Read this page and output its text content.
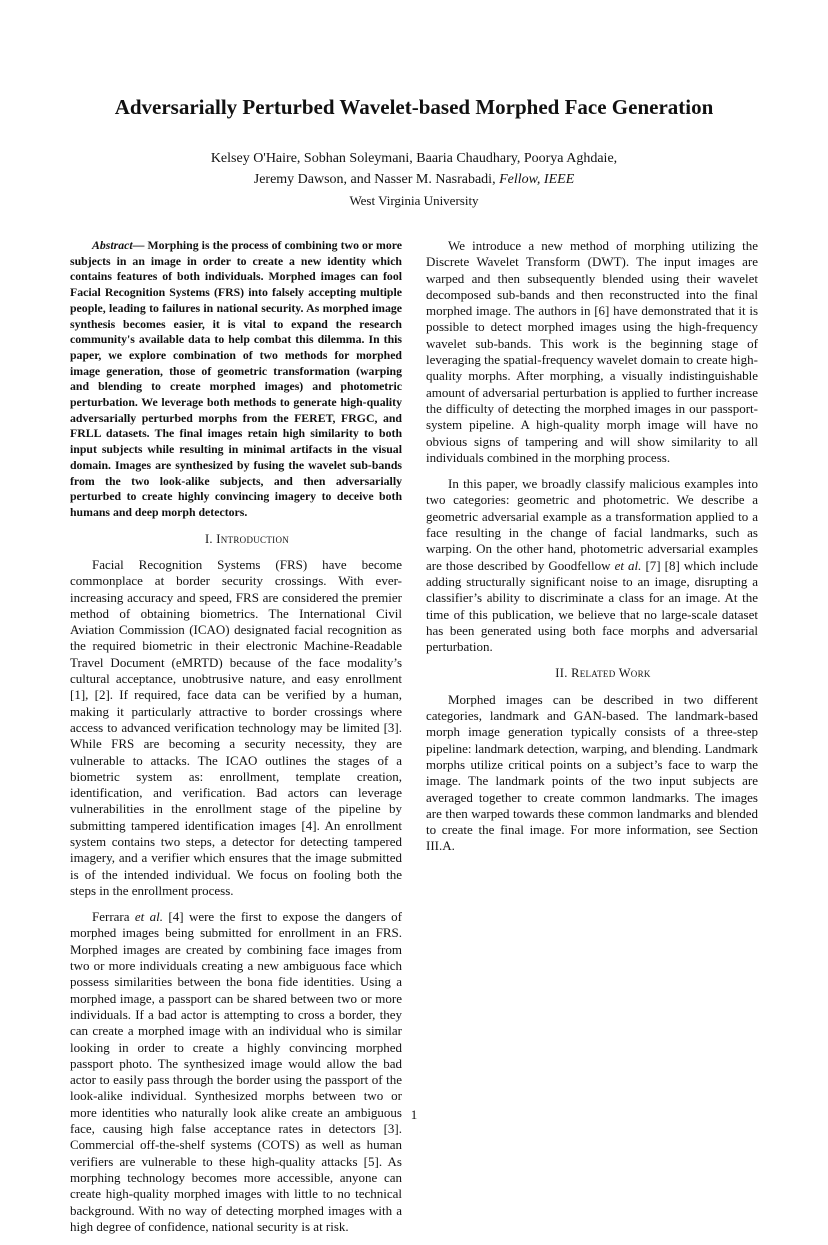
Adversarially Perturbed Wavelet-based Morphed Face Generation
Kelsey O'Haire, Sobhan Soleymani, Baaria Chaudhary, Poorya Aghdaie,
Jeremy Dawson, and Nasser M. Nasrabadi, Fellow, IEEE
West Virginia University

Abstract— Morphing is the process of combining two or more subjects in an image in order to create a new identity which contains features of both individuals. Morphed images can fool Facial Recognition Systems (FRS) into falsely accepting multiple people, leading to failures in national security. As morphed image synthesis becomes easier, it is vital to expand the research community's available data to help combat this dilemma. In this paper, we explore combination of two methods for morphed image generation, those of geometric transformation (warping and blending to create morphed images) and photometric perturbation. We leverage both methods to generate high-quality adversarially perturbed morphs from the FERET, FRGC, and FRLL datasets. The final images retain high similarity to both input subjects while resulting in minimal artifacts in the visual domain. Images are synthesized by fusing the wavelet sub-bands from the two look-alike subjects, and then adversarially perturbed to create highly convincing imagery to deceive both humans and deep morph detectors.

I. Introduction

Facial Recognition Systems (FRS) have become commonplace at border security crossings. With ever-increasing accuracy and speed, FRS are considered the premier method of obtaining biometrics. The International Civil Aviation Commission (ICAO) designated facial recognition as the required biometric in their electronic Machine-Readable Travel Document (eMRTD) because of the face modality’s cultural acceptance, unobtrusive nature, and easy enrollment [1], [2]. If required, face data can be verified by a human, making it particularly attractive to border crossings where access to advanced verification technology may be limited [3]. While FRS are becoming a security necessity, they are vulnerable to attacks. The ICAO outlines the stages of a biometric system as: enrollment, template creation, identification, and verification. Bad actors can leverage vulnerabilities in the enrollment stage of the pipeline by submitting tampered identification images [4]. An enrollment system contains two steps, a detector for detecting tampered imagery, and a verifier which ensures that the image submitted is of the intended individual. We focus on fooling both the steps in the enrollment process.

Ferrara et al. [4] were the first to expose the dangers of morphed images being submitted for enrollment in an FRS. Morphed images are created by combining face images from two or more individuals creating a new ambiguous face which possess similarities between the bona fide identities. Using a morphed image, a passport can be shared between two or more individuals. If a bad actor is attempting to cross a border, they can create a morphed image with an individual who is similar looking in order to create a highly convincing morphed passport photo. The synthesized image would allow the bad actor to easily pass through the border using the passport of the look-alike individual. Synthesized morphs between two or more identities who naturally look alike create an ambiguous face, causing high false acceptance rates in detectors [3]. Commercial off-the-shelf systems (COTS) as well as human verifiers are vulnerable to these high-quality attacks [5]. As morphing technology becomes more accessible, anyone can create high-quality morphed images with little to no technical background. With no way of detecting morphed images with a high degree of confidence, national security is at risk.

We introduce a new method of morphing utilizing the Discrete Wavelet Transform (DWT). The input images are warped and then subsequently blended using their wavelet decomposed sub-bands and then reconstructed into the final morphed image. The authors in [6] have demonstrated that it is possible to detect morphed images using the high-frequency wavelet sub-bands. This work is the beginning stage of leveraging the spatial-frequency wavelet domain to create high-quality morphs. After morphing, a visually indistinguishable amount of adversarial perturbation is applied to further increase the difficulty of detecting the morphed images in our passport-system pipeline. A high-quality morph image will have no obvious signs of tampering and will show similarity to all individuals combined in the morphing process.

In this paper, we broadly classify malicious examples into two categories: geometric and photometric. We describe a geometric adversarial example as a transformation applied to a face resulting in the change of facial landmarks, such as warping. On the other hand, photometric adversarial examples are those described by Goodfellow et al. [7] [8] which include adding structurally significant noise to an image, disrupting a classifier’s ability to discriminate a class for an image. At the time of this publication, we believe that no large-scale dataset has been generated using both face morphs and adversarial perturbation.

II. Related Work

Morphed images can be described in two different categories, landmark and GAN-based. The landmark-based morph image generation typically consists of a three-step pipeline: landmark detection, warping, and blending. Landmark morphs utilize critical points on a subject’s face to warp the image. The landmark points of the two input subjects are averaged together to create common landmarks. The images are then warped towards these common landmarks and blended to create the final image. For more information, see Section III.A.

1
